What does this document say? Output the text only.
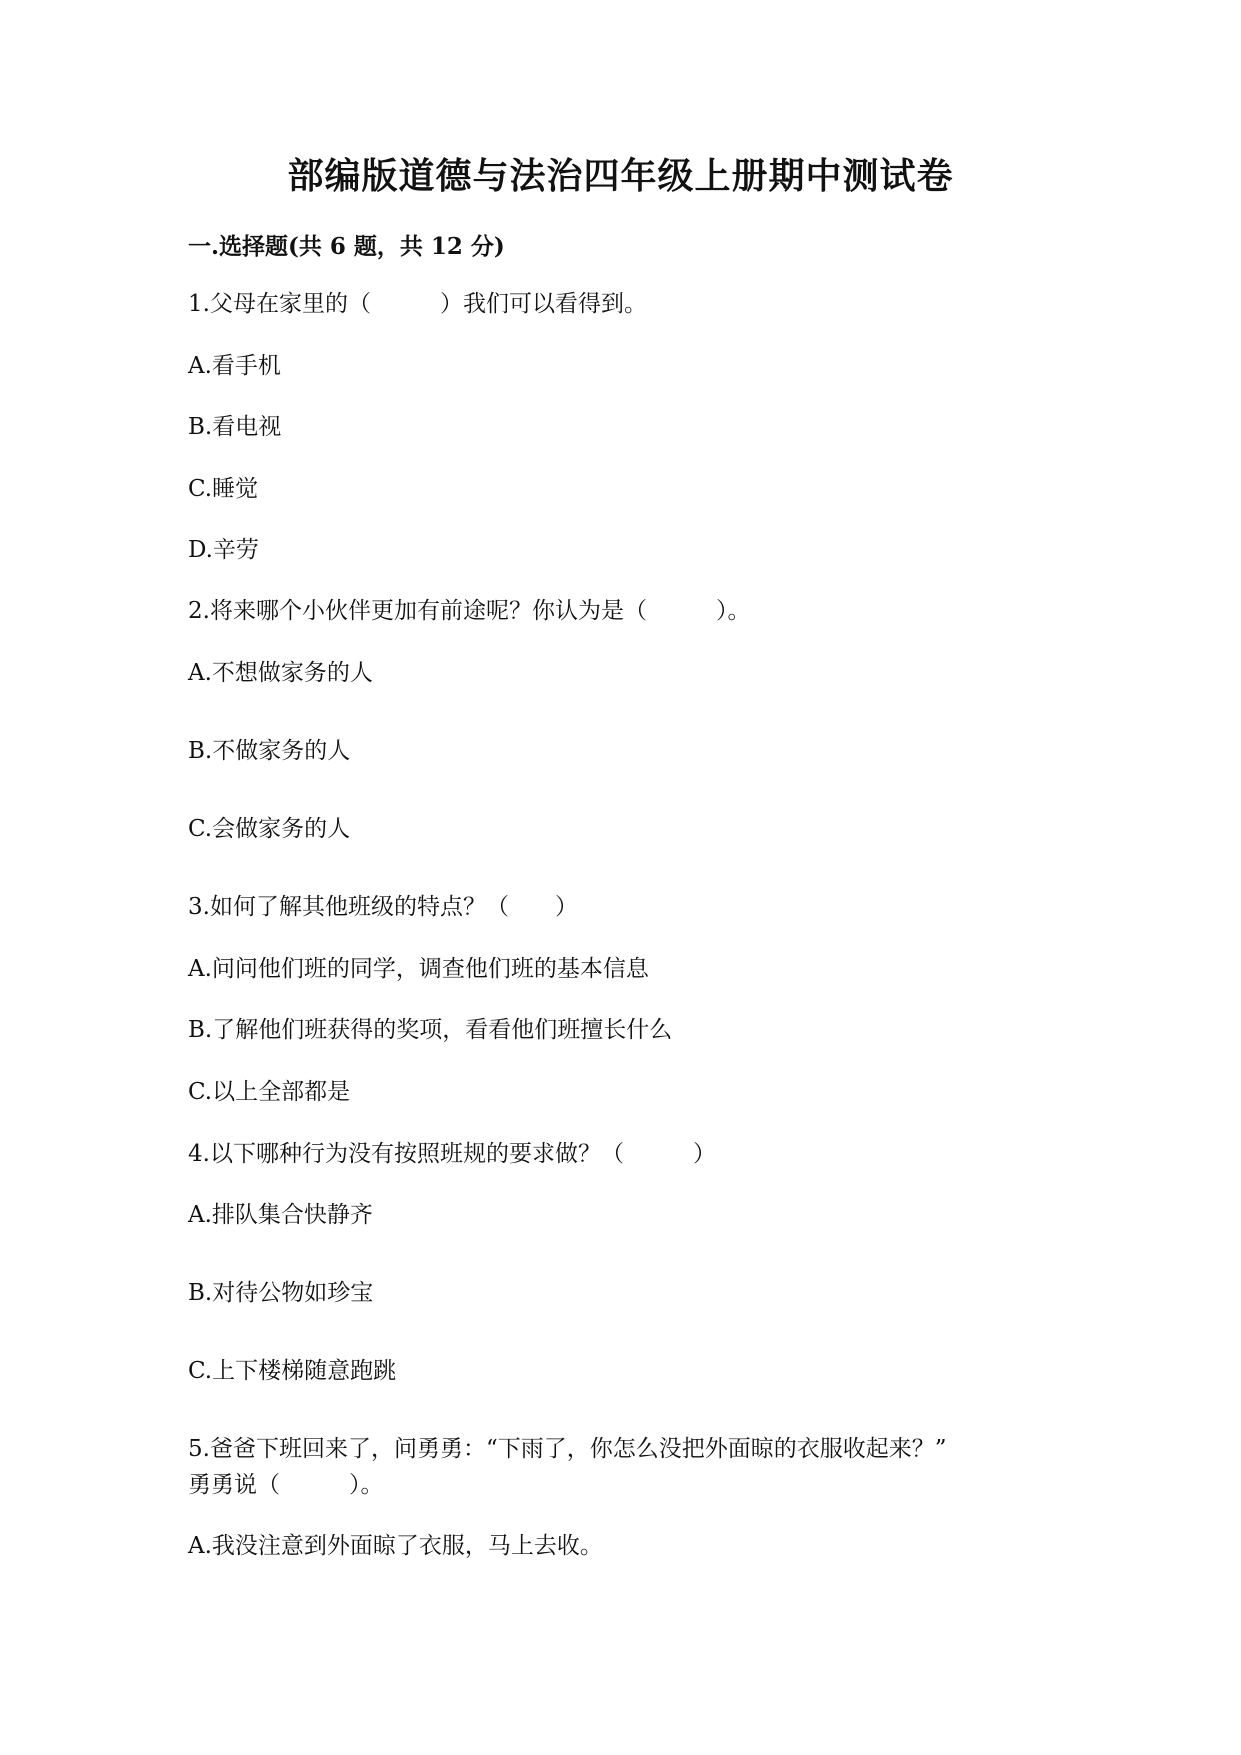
部编版道德与法治四年级上册期中测试卷
一.选择题(共 6 题，共 12 分)
1.父母在家里的（　　　）我们可以看得到。
A.看手机
B.看电视
C.睡觉
D.辛劳
2.将来哪个小伙伴更加有前途呢？你认为是（　　　）。
A.不想做家务的人
B.不做家务的人
C.会做家务的人
3.如何了解其他班级的特点？（　　）
A.问问他们班的同学，调查他们班的基本信息
B.了解他们班获得的奖项，看看他们班擅长什么
C.以上全部都是
4.以下哪种行为没有按照班规的要求做？（　　　）
A.排队集合快静齐
B.对待公物如珍宝
C.上下楼梯随意跑跳
5.爸爸下班回来了，问勇勇：“下雨了，你怎么没把外面晾的衣服收起来？”
勇勇说（　　　）。
A.我没注意到外面晾了衣服，马上去收。
